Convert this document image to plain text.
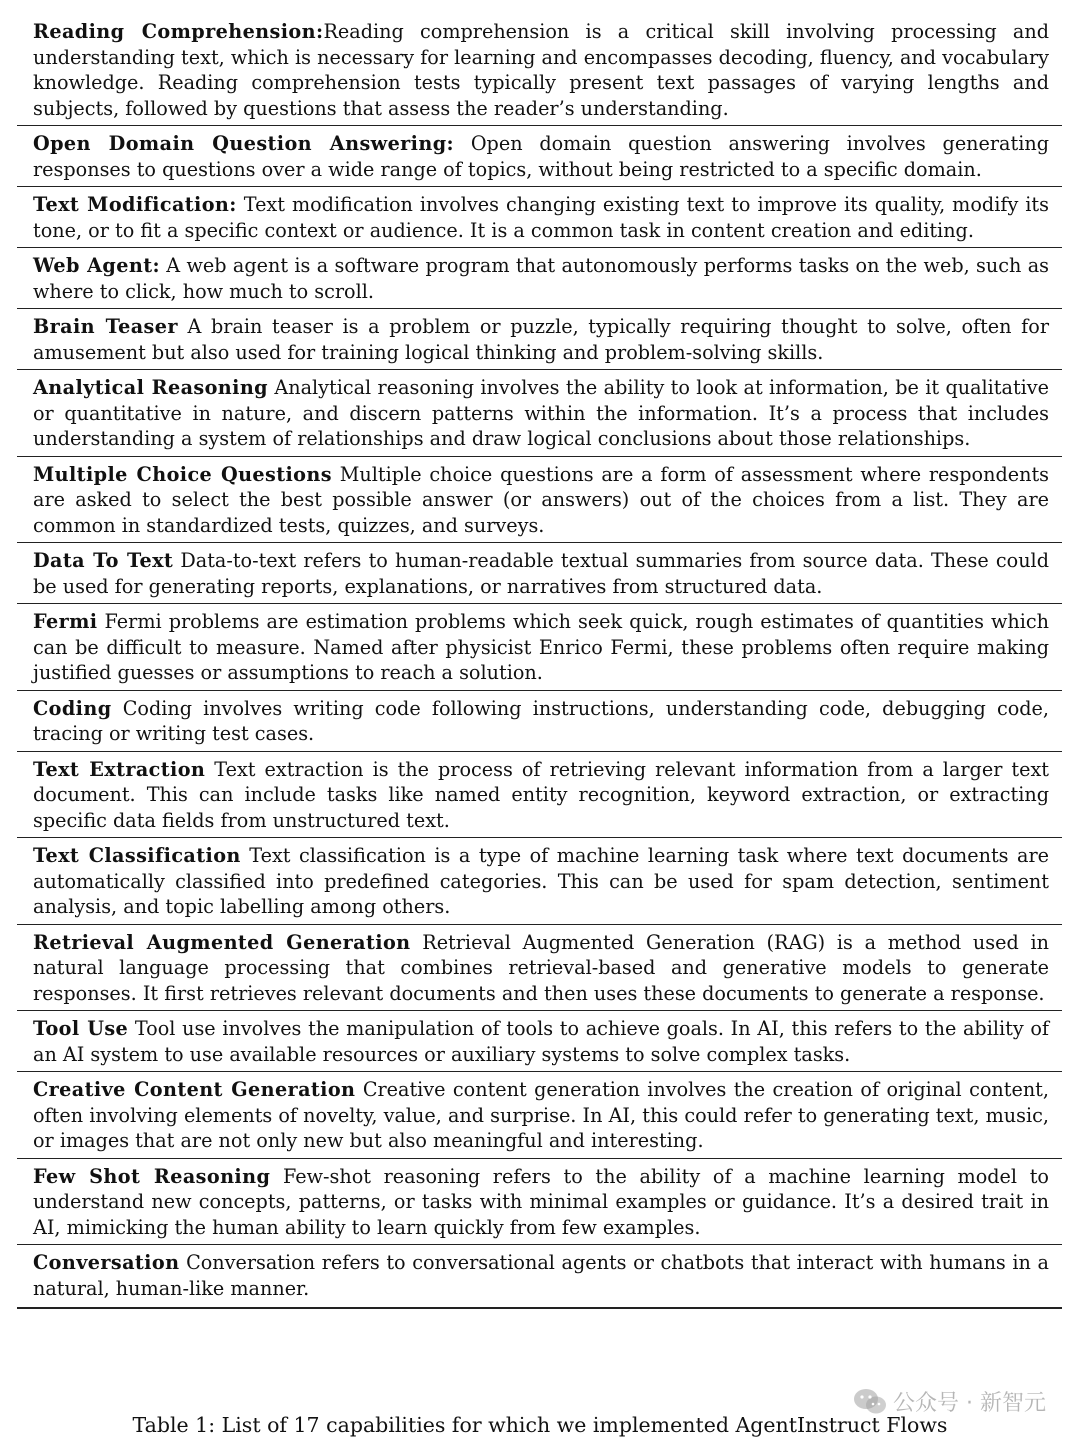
Reading Comprehension:Reading comprehension is a critical skill involving processing and understanding text, which is necessary for learning and encompasses decoding, fluency, and vocabulary knowledge. Reading comprehension tests typically present text passages of varying lengths and subjects, followed by questions that assess the reader’s understanding.
Open Domain Question Answering: Open domain question answering involves generating responses to questions over a wide range of topics, without being restricted to a specific domain.
Text Modification: Text modification involves changing existing text to improve its quality, modify its tone, or to fit a specific context or audience. It is a common task in content creation and editing.
Web Agent: A web agent is a software program that autonomously performs tasks on the web, such as where to click, how much to scroll.
Brain Teaser A brain teaser is a problem or puzzle, typically requiring thought to solve, often for amusement but also used for training logical thinking and problem-solving skills.
Analytical Reasoning Analytical reasoning involves the ability to look at information, be it qualitative or quantitative in nature, and discern patterns within the information. It’s a process that includes understanding a system of relationships and draw logical conclusions about those relationships.
Multiple Choice Questions Multiple choice questions are a form of assessment where respondents are asked to select the best possible answer (or answers) out of the choices from a list. They are common in standardized tests, quizzes, and surveys.
Data To Text Data-to-text refers to human-readable textual summaries from source data. These could be used for generating reports, explanations, or narratives from structured data.
Fermi Fermi problems are estimation problems which seek quick, rough estimates of quantities which can be difficult to measure. Named after physicist Enrico Fermi, these problems often require making justified guesses or assumptions to reach a solution.
Coding Coding involves writing code following instructions, understanding code, debugging code, tracing or writing test cases.
Text Extraction Text extraction is the process of retrieving relevant information from a larger text document. This can include tasks like named entity recognition, keyword extraction, or extracting specific data fields from unstructured text.
Text Classification Text classification is a type of machine learning task where text documents are automatically classified into predefined categories. This can be used for spam detection, sentiment analysis, and topic labelling among others.
Retrieval Augmented Generation Retrieval Augmented Generation (RAG) is a method used in natural language processing that combines retrieval-based and generative models to generate responses. It first retrieves relevant documents and then uses these documents to generate a response.
Tool Use Tool use involves the manipulation of tools to achieve goals. In AI, this refers to the ability of an AI system to use available resources or auxiliary systems to solve complex tasks.
Creative Content Generation Creative content generation involves the creation of original content, often involving elements of novelty, value, and surprise. In AI, this could refer to generating text, music, or images that are not only new but also meaningful and interesting.
Few Shot Reasoning Few-shot reasoning refers to the ability of a machine learning model to understand new concepts, patterns, or tasks with minimal examples or guidance. It’s a desired trait in AI, mimicking the human ability to learn quickly from few examples.
Conversation Conversation refers to conversational agents or chatbots that interact with humans in a natural, human-like manner.
公众号 · 新智元
Table 1: List of 17 capabilities for which we implemented AgentInstruct Flows
